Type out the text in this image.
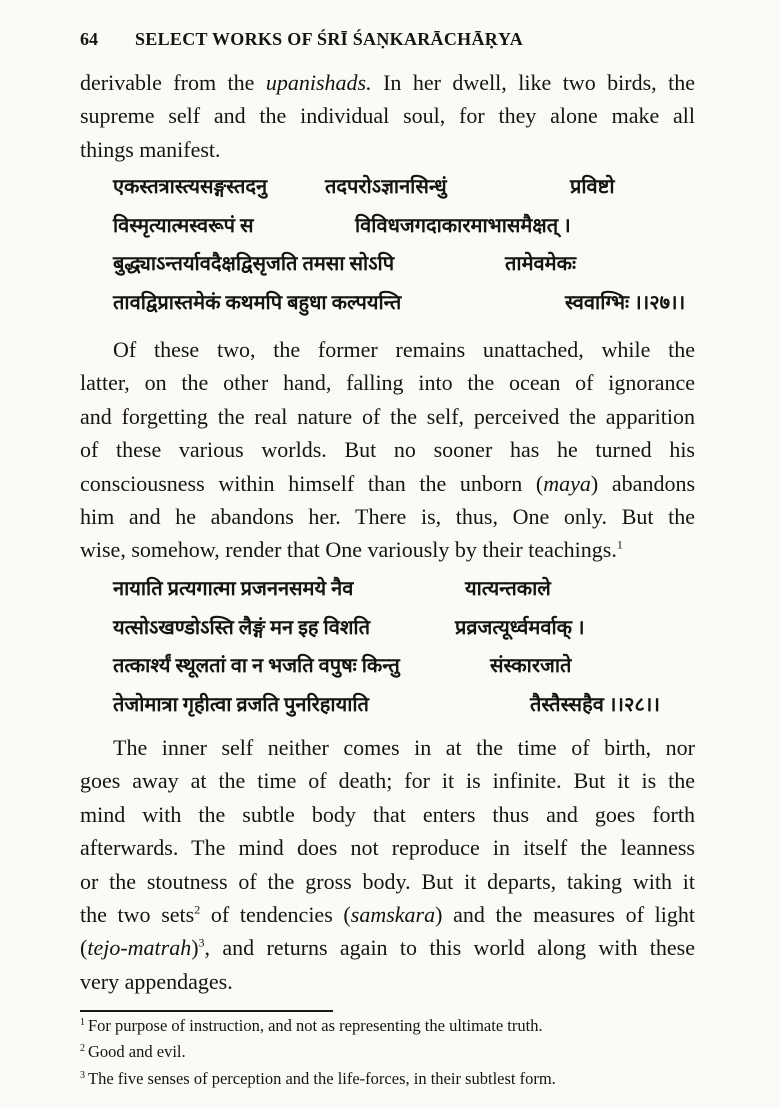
64 SELECT WORKS OF ŚRĪ ŚAṆKARĀCHĀṚYA
derivable from the upanishads. In her dwell, like two birds, the
supreme self and the individual soul, for they alone make all
things manifest.
एकस्तत्रास्त्यसङ्गस्तदनु	तदपरोऽज्ञानसिन्धुं	प्रविष्टो
विस्मृत्यात्मस्वरूपं स	विविधजगदाकारमाभासमैक्षत् ।
बुद्ध्याऽन्तर्यावदैक्षद्विसृजति तमसा सोऽपि	तामेवमेकः
तावद्विप्रास्तमेकं कथमपि बहुधा कल्पयन्ति	स्ववाग्भिः ।।२७।।
Of these two, the former remains unattached, while the
latter, on the other hand, falling into the ocean of ignorance
and forgetting the real nature of the self, perceived the apparition
of these various worlds. But no sooner has he turned his
consciousness within himself than the unborn (maya) abandons
him and he abandons her. There is, thus, One only. But the
wise, somehow, render that One variously by their teachings.$^1$
नायाति प्रत्यगात्मा प्रजननसमये नैव	यात्यन्तकाले
यत्सोऽखण्डोऽस्ति लैङ्गं मन इह विशति	प्रव्रजत्यूर्ध्वमर्वाक् ।
तत्कार्श्यं स्थूलतां वा न भजति वपुषः किन्तु	संस्कारजाते
तेजोमात्रा गृहीत्वा व्रजति पुनरिहायाति	तैस्तैस्सहैव ।।२८।।
The inner self neither comes in at the time of birth, nor
goes away at the time of death; for it is infinite. But it is the
mind with the subtle body that enters thus and goes forth
afterwards. The mind does not reproduce in itself the leanness
or the stoutness of the gross body. But it departs, taking with it
the two sets$^2$ of tendencies (samskara) and the measures of light
(tejo-matrah)$^3$, and returns again to this world along with these
very appendages.
$^1$ For purpose of instruction, and not as representing the ultimate truth.
$^2$ Good and evil.
$^3$ The five senses of perception and the life-forces, in their subtlest form.
